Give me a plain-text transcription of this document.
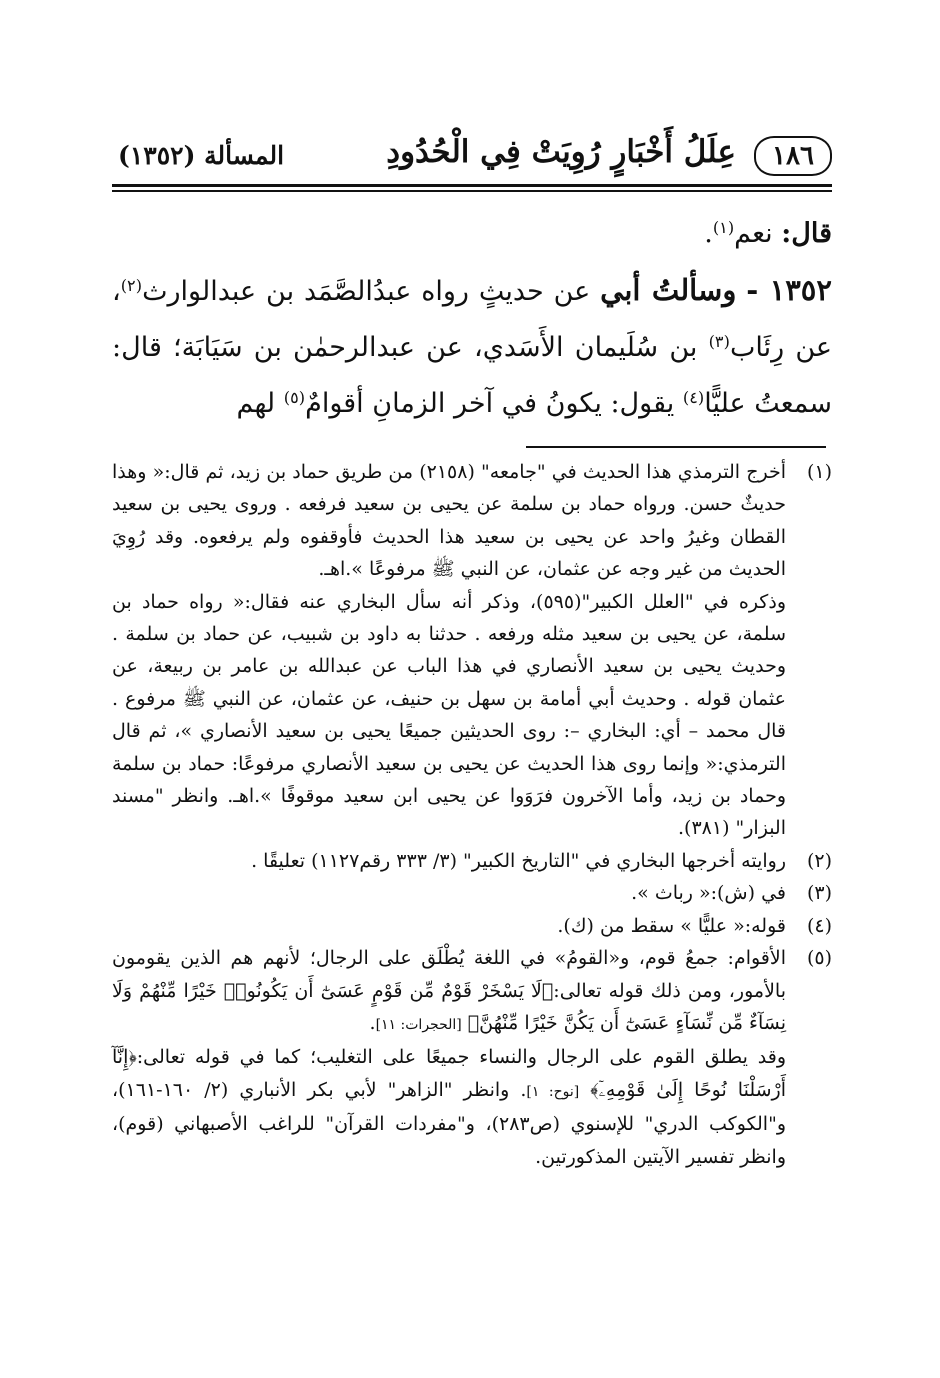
١٨٦
عِلَلُ أَخْبَارٍ رُوِيَتْ فِي الْحُدُودِ
المسألة (١٣٥٢)

قال: نعم$^{(١)}$.

١٣٥٢ - وسألتُ أبي عن حديثٍ رواه عبدُالصَّمَد بن عبدالوارث$^{(٢)}$، عن رِئَاب$^{(٣)}$ بن سُلَيمان الأَسَدي، عن عبدالرحمٰن بن سَيَابَة؛ قال: سمعتُ عليًّا$^{(٤)}$ يقول: يكونُ في آخر الزمانِ أقوامٌ$^{(٥)}$ لهم

(١)

أخرج الترمذي هذا الحديث في "جامعه" (٢١٥٨) من طريق حماد بن زيد، ثم قال:« وهذا حديثٌ حسن. ورواه حماد بن سلمة عن يحيى بن سعيد فرفعه . وروى يحيى بن سعيد القطان وغيرُ واحد عن يحيى بن سعيد هذا الحديث فأوقفوه ولم يرفعوه. وقد رُوِيَ الحديث من غير وجه عن عثمان، عن النبي ﷺ مرفوعًا ».اهـ.

وذكره في "العلل الكبير"(٥٩٥)، وذكر أنه سأل البخاري عنه فقال:« رواه حماد بن سلمة، عن يحيى بن سعيد مثله ورفعه . حدثنا به داود بن شبيب، عن حماد بن سلمة . وحديث يحيى بن سعيد الأنصاري في هذا الباب عن عبدالله بن عامر بن ربيعة، عن عثمان قوله . وحديث أبي أمامة بن سهل بن حنيف، عن عثمان، عن النبي ﷺ مرفوع . قال محمد – أي: البخاري –: روى الحديثين جميعًا يحيى بن سعيد الأنصاري »، ثم قال الترمذي:« وإنما روى هذا الحديث عن يحيى بن سعيد الأنصاري مرفوعًا: حماد بن سلمة وحماد بن زيد، وأما الآخرون فرَوَوا عن يحيى ابن سعيد موقوفًا ».اهـ. وانظر "مسند البزار" (٣٨١).

(٢)

روايته أخرجها البخاري في "التاريخ الكبير" (٣/ ٣٣٣ رقم١١٢٧) تعليقًا .

(٣)

في (ش):« رباث ».

(٤)

قوله:« عليًّا » سقط من (ك).

(٥)

الأقوام: جمعُ قوم، و«القومُ» في اللغة يُطْلَق على الرجال؛ لأنهم هم الذين يقومون بالأمور، ومن ذلك قوله تعالى:﴿لَا يَسْخَرْ قَوْمٌ مِّن قَوْمٍ عَسَىٰٓ أَن يَكُونُوا۟ خَيْرًا مِّنْهُمْ وَلَا نِسَآءٌ مِّن نِّسَآءٍ عَسَىٰٓ أَن يَكُنَّ خَيْرًا مِّنْهُنَّ﴾ [الحجرات: ١١].

وقد يطلق القوم على الرجال والنساء جميعًا على التغليب؛ كما في قوله تعالى:﴿إِنَّآ أَرْسَلْنَا نُوحًا إِلَىٰ قَوْمِهِۦٓ﴾ [نوح: ١]. وانظر "الزاهر" لأبي بكر الأنباري (٢/ ١٦٠-١٦١)، و"الكوكب الدري" للإسنوي (ص٢٨٣)، و"مفردات القرآن" للراغب الأصبهاني (قوم)، وانظر تفسير الآيتين المذكورتين.
